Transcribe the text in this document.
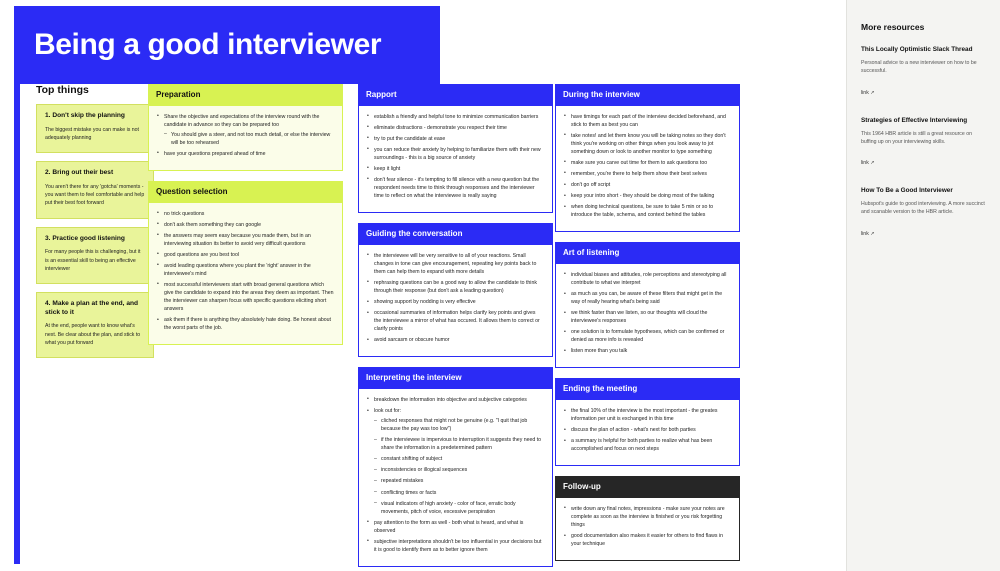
Being a good interviewer
Top things
1. Don't skip the planning
The biggest mistake you can make is not adequately planning
2. Bring out their best
You aren't there for any 'gotcha' moments - you want them to feel comfortable and help put their best foot forward
3. Practice good listening
For many people this is challenging, but it is an essential skill to being an effective interviewer
4. Make a plan at the end, and stick to it
At the end, people want to know what's next. Be clear about the plan, and stick to what you put forward
Preparation
• Share the objective and expectations of the interview round with the candidate in advance so they can be prepared too
– You should give a steer, and not too much detail, or else the interview will be too rehearsed
• have your questions prepared ahead of time
Question selection
• no trick questions
• don't ask them something they can google
• the answers may seem easy because you made them, but in an interviewing situation its better to avoid very difficult questions
• good questions are you best tool
• avoid leading questions where you plant the 'right' answer in the interviewee's mind
• most successful interviewers start with broad general questions which give the candidate to expand into the areas they deem as important. Then the interviewer can sharpen focus with specific questions eliciting short answers
• ask them if there is anything they absolutely hate doing. Be honest about the worst parts of the job.
Rapport
• establish a friendly and helpful tone to minimize communication barriers
• eliminate distractions - demonstrate you respect their time
• try to put the candidate at ease
• you can reduce their anxiety by helping to familiarize them with their new surroundings - this is a big source of anxiety
• keep it light
• don't fear silence - it's tempting to fill silence with a new question but the respondent needs time to think through responses and the interviewer time to reflect on what the interviewee is really saying
Guiding the conversation
• the interviewee will be very sensitive to all of your reactions. Small changes in tone can give encouragement, repeating key points back to them can help them to expand with more details
• rephrasing questions can be a good way to allow the candidate to think through their response (but don't ask a leading question)
• showing support by nodding is very effective
• occasional summaries of information helps clarify key points and gives the interviewee a mirror of what has occured. It allows them to correct or clarify points
• avoid sarcasm or obscure humor
Interpreting the interview
• breakdown the information into objective and subjective categories
• look out for:
– cliched responses that might not be genuine (e.g. "I quit that job because the pay was too low")
– if the interviewee is impervious to interruption it suggests they need to share the information in a predetermined pattern
– constant shifting of subject
– inconsistencies or illogical sequences
– repeated mistakes
– conflicting times or facts
– visual indicators of high anxiety - color of face, erratic body movements, pitch of voice, excessive perspiration
• pay attention to the form as well - both what is heard, and what is observed
• subjective interpretations shouldn't be too influential in your decisions but it is good to identify them as to better ignore them
During the interview
• have timings for each part of the interview decided beforehand, and stick to them as best you can
• take notes! and let them know you will be taking notes so they don't think you're working on other things when you look away to jot something down or look to another monitor to type something
• make sure you carve out time for them to ask questions too
• remember, you're there to help them show their best selves
• don't go off script
• keep your intro short - they should be doing most of the talking
• when doing technical questions, be sure to take 5 min or so to introduce the table, schema, and context behind the tables
Art of listening
• individual biases and attitudes, role perceptions and stereotyping all contribute to what we interpret
• as much as you can, be aware of these filters that might get in the way of really hearing what's being said
• we think faster than we listen, so our thoughts will cloud the interviewee's responses
• one solution is to formulate hypotheses, which can be confirmed or denied as more info is revealed
• listen more than you talk
Ending the meeting
• the final 10% of the interview is the most important - the greates information per unit is exchanged in this time
• discuss the plan of action - what's next for both parties
• a summary is helpful for both parties to realize what has been accomplished and focus on next steps
Follow-up
• write down any final notes, impressions - make sure your notes are complete as soon as the interview is finished or you risk forgetting things
• good documentation also makes it easier for others to find flaws in your technique
More resources
This Locally Optimistic Slack Thread
Personal advice to a new interviewer on how to be successful.
link ↗
Strategies of Effective Interviewing
This 1964 HBR article is still a great resource on buffing up on your interviewing skills.
link ↗
How To Be a Good Interviewer
Hubspot's guide to good interviewing. A more succinct and scanable version to the HBR article.
link ↗
